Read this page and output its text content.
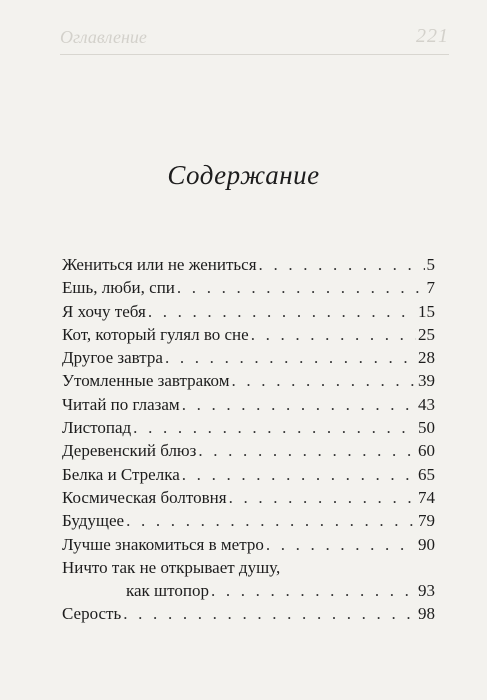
Оглавление	221
Содержание
Жениться или не жениться . . .	5
Ешь, люби, спи . . .	7
Я хочу тебя . . .	15
Кот, который гулял во сне . . .	25
Другое завтра . . .	28
Утомленные завтраком . . .	39
Читай по глазам . . .	43
Листопад . . .	50
Деревенский блюз . . .	60
Белка и Стрелка . . .	65
Космическая болтовня . . .	74
Будущее . . .	79
Лучше знакомиться в метро . . .	90
Ничто так не открывает душу,
как штопор . . .	93
Серость . . .	98
